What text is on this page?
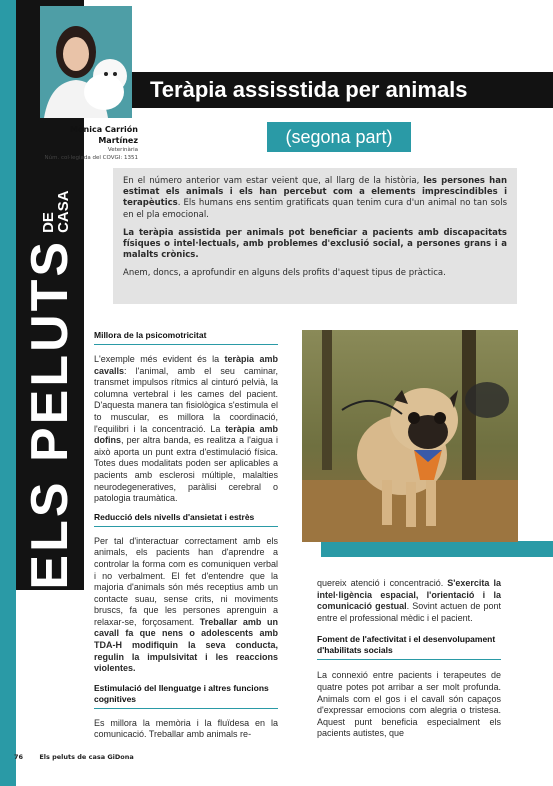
ELS PELUTS
DE
CASA
Teràpia assisstida per animals
(segona part)
Mònica Carrión Martínez
Veterinària
Núm. col·legiada del COVGI: 1351

En el número anterior vam estar veient que, al llarg de la història, les persones han estimat els animals i els han percebut com a elements imprescindibles i terapèutics. Els humans ens sentim gratificats quan tenim cura d'un animal no tan sols en el pla emocional.

La teràpia assistida per animals pot beneficiar a pacients amb discapacitats físiques o intel·lectuals, amb problemes d'exclusió social, a persones grans i a malalts crònics.

Anem, doncs, a aprofundir en alguns dels profits d'aquest tipus de pràctica.

Millora de la psicomotricitat

L'exemple més evident és la teràpia amb cavalls: l'animal, amb el seu caminar, transmet impulsos rítmics al cinturó pelvià, la columna vertebral i les cames del pacient. D'aquesta manera tan fisiològica s'estimula el to muscular, es millora la coordinació, l'equilibri i la concentració. La teràpia amb dofins, per altra banda, es realitza a l'aigua i això aporta un punt extra d'estimulació física. Totes dues modalitats poden ser aplicables a pacients amb esclerosi múltiple, malalties neurodegeneratives, paràlisi cerebral o patologia traumàtica.

Reducció dels nivells d'ansietat i estrès

Per tal d'interactuar correctament amb els animals, els pacients han d'aprendre a controlar la forma com es comuniquen verbal i no verbalment. El fet d'entendre que la majoria d'animals són més receptius amb un contacte suau, sense crits, ni moviments bruscs, fa que les persones aprenguin a relaxar-se, forçosament. Treballar amb un cavall fa que nens o adolescents amb TDA-H modifiquin la seva conducta, regulin la impulsivitat i les reaccions violentes.

Estimulació del llenguatge i altres funcions cognitives

Es millora la memòria i la fluïdesa en la comunicació. Treballar amb animals re-

quereix atenció i concentració. S'exercita la intel·ligència espacial, l'orientació i la comunicació gestual. Sovint actuen de pont entre el professional mèdic i el pacient.

Foment de l'afectivitat i el desenvolupament d'habilitats socials

La connexió entre pacients i terapeutes de quatre potes pot arribar a ser molt profunda. Animals com el gos i el cavall són capaços d'expressar emocions com alegria o tristesa. Aquest punt beneficia especialment els pacients autistes, que

76	Els peluts de casa GiDona
